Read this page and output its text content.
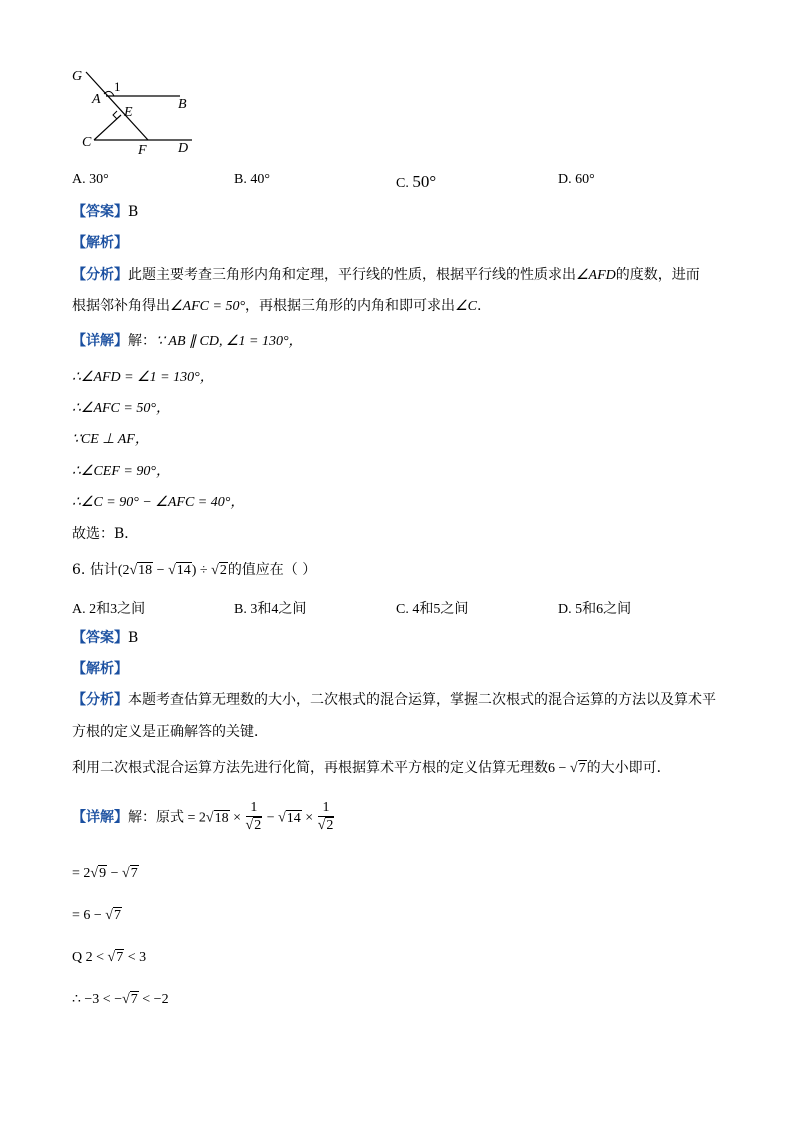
G
1
A	B
E
C
F D
A. 30°	B. 40°	C. 50°	D. 60°
【答案】B
【解析】
【分析】此题主要考查三角形内角和定理，平行线的性质，根据平行线的性质求出∠AFD的度数，进而
根据邻补角得出∠AFC = 50°，再根据三角形的内角和即可求出∠C.
【详解】解：∵ AB ∥ CD, ∠1 = 130°，
∴∠AFD = ∠1 = 130°，
∴∠AFC = 50°，
∵CE ⊥ AF，
∴∠CEF = 90°，
∴∠C = 90° − ∠AFC = 40°，
故选：B．
6. 估计(2√18 − √14) ÷ √2的值应在（ ）
A. 2和3之间	B. 3和4之间	C. 4和5之间	D. 5和6之间
【答案】B
【解析】
【分析】本题考查估算无理数的大小，二次根式的混合运算，掌握二次根式的混合运算的方法以及算术平
方根的定义是正确解答的关键．
利用二次根式混合运算方法先进行化简，再根据算术平方根的定义估算无理数6 − √7的大小即可．
【详解】解：原式 = $2√18 \times \frac{1}{√2} - √14 \times \frac{1}{√2}$
= 2√9 − √7
= 6 − √7
Q 2 < √7 < 3
∴ −3 < −√7 < −2
